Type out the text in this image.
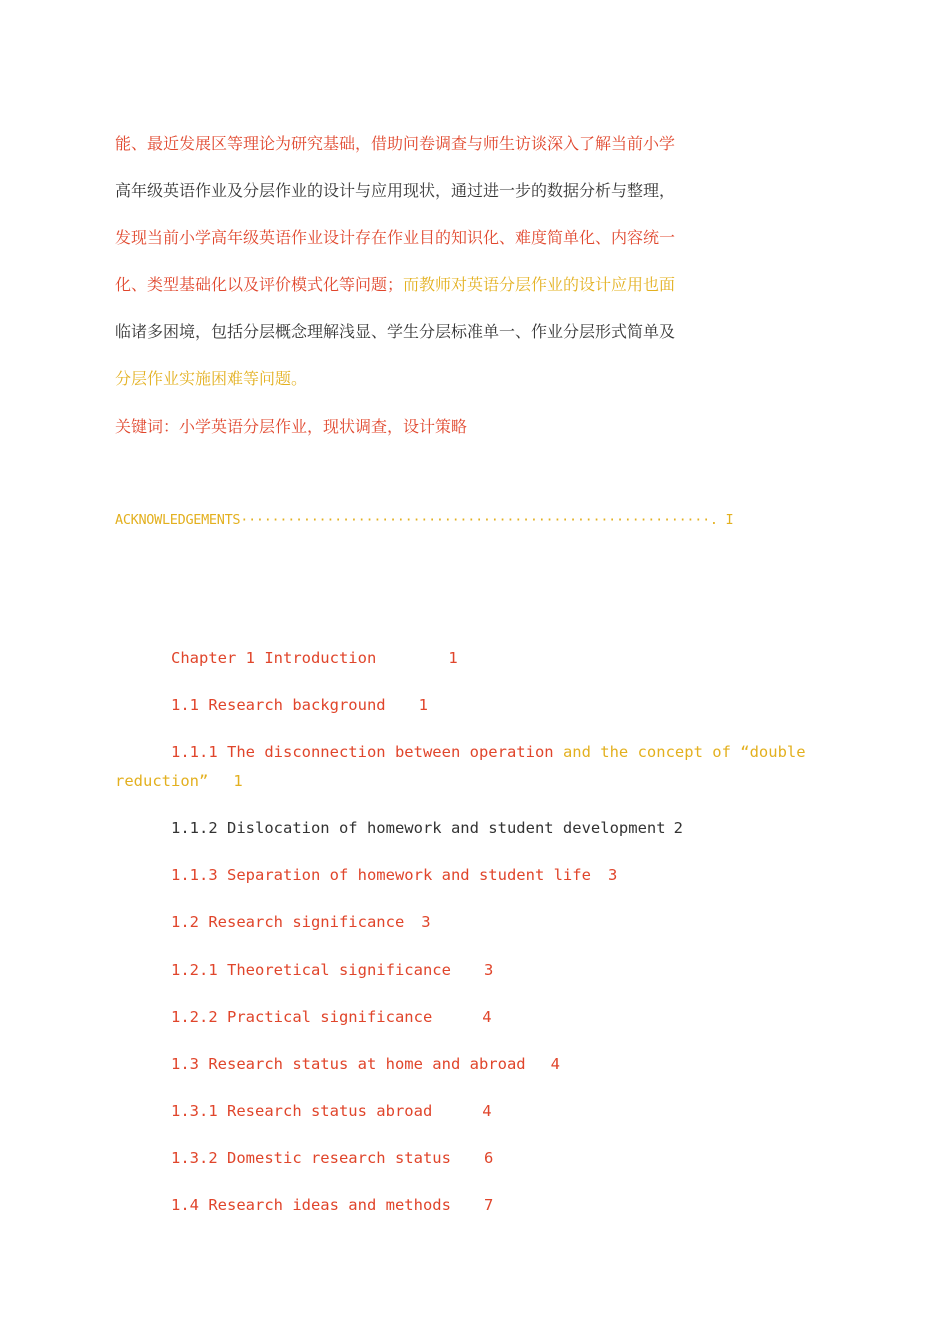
能、最近发展区等理论为研究基础，借助问卷调查与师生访谈深入了解当前小学
高年级英语作业及分层作业的设计与应用现状，通过进一步的数据分析与整理，
发现当前小学高年级英语作业设计存在作业目的知识化、难度简单化、内容统一
化、类型基础化以及评价模式化等问题；而教师对英语分层作业的设计应用也面
临诸多困境，包括分层概念理解浅显、学生分层标准单一、作业分层形式简单及
分层作业实施困难等问题。
关键词：小学英语分层作业，现状调查，设计策略
ACKNOWLEDGEMENTS····························································. I
Chapter 1 Introduction	1
1.1 Research background 1
1.1.1 The disconnection between operation and the concept of “double
reduction” 1
1.1.2 Dislocation of homework and student development 2
1.1.3 Separation of homework and student life 3
1.2 Research significance 3
1.2.1 Theoretical significance 3
1.2.2 Practical significance	4
1.3 Research status at home and abroad 4
1.3.1 Research status abroad	4
1.3.2 Domestic research status 6
1.4 Research ideas and methods 7
